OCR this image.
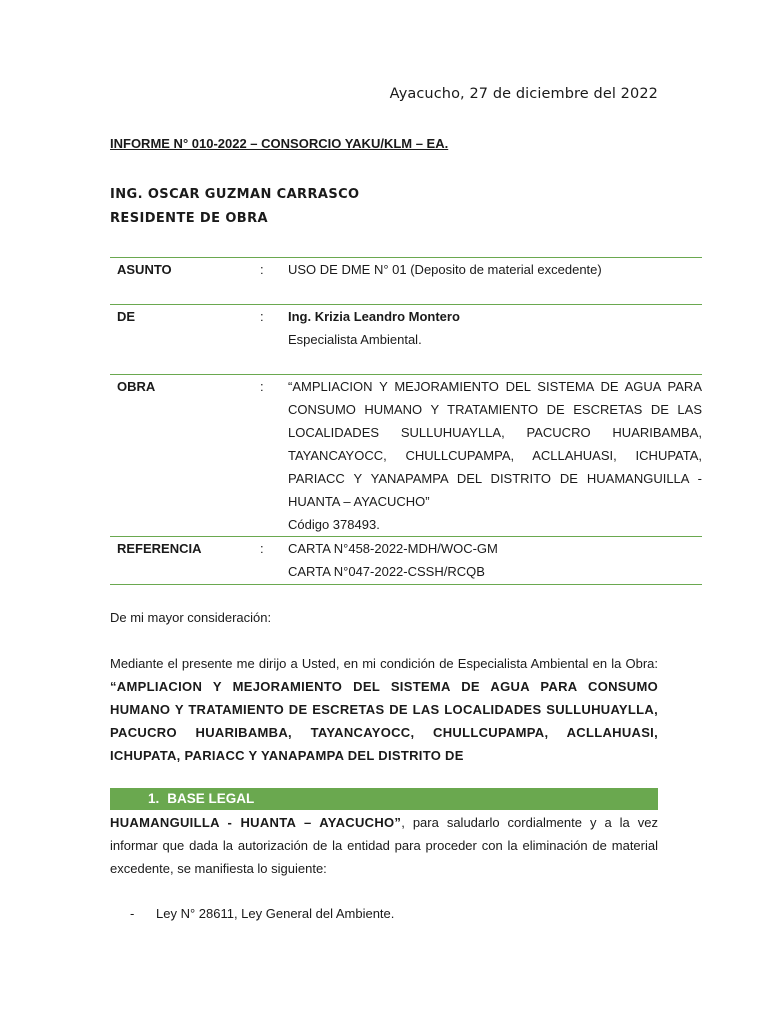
Ayacucho, 27 de diciembre del 2022
INFORME N° 010-2022 – CONSORCIO YAKU/KLM – EA.
ING. OSCAR GUZMAN CARRASCO
RESIDENTE DE OBRA
ASUNTO	: USO DE DME N° 01 (Deposito de material excedente)
DE	: Ing. Krizia Leandro Montero
Especialista Ambiental.
OBRA	: “AMPLIACION Y MEJORAMIENTO DEL SISTEMA DE AGUA PARA CONSUMO HUMANO Y TRATAMIENTO DE ESCRETAS DE LAS LOCALIDADES SULLUHUAYLLA, PACUCRO HUARIBAMBA, TAYANCAYOCC, CHULLCUPAMPA, ACLLAHUASI, ICHUPATA, PARIACC Y YANAPAMPA DEL DISTRITO DE HUAMANGUILLA - HUANTA – AYACUCHO”
Código 378493.
REFERENCIA	: CARTA N°458-2022-MDH/WOC-GM
CARTA N°047-2022-CSSH/RCQB
De mi mayor consideración:
Mediante el presente me dirijo a Usted, en mi condición de Especialista Ambiental en la Obra: “AMPLIACION Y MEJORAMIENTO DEL SISTEMA DE AGUA PARA CONSUMO HUMANO Y TRATAMIENTO DE ESCRETAS DE LAS LOCALIDADES SULLUHUAYLLA, PACUCRO HUARIBAMBA, TAYANCAYOCC, CHULLCUPAMPA, ACLLAHUASI, ICHUPATA, PARIACC Y YANAPAMPA DEL DISTRITO DE
1. BASE LEGAL
HUAMANGUILLA - HUANTA – AYACUCHO”, para saludarlo cordialmente y a la vez informar que dada la autorización de la entidad para proceder con la eliminación de material excedente, se manifiesta lo siguiente:
- Ley N° 28611, Ley General del Ambiente.
